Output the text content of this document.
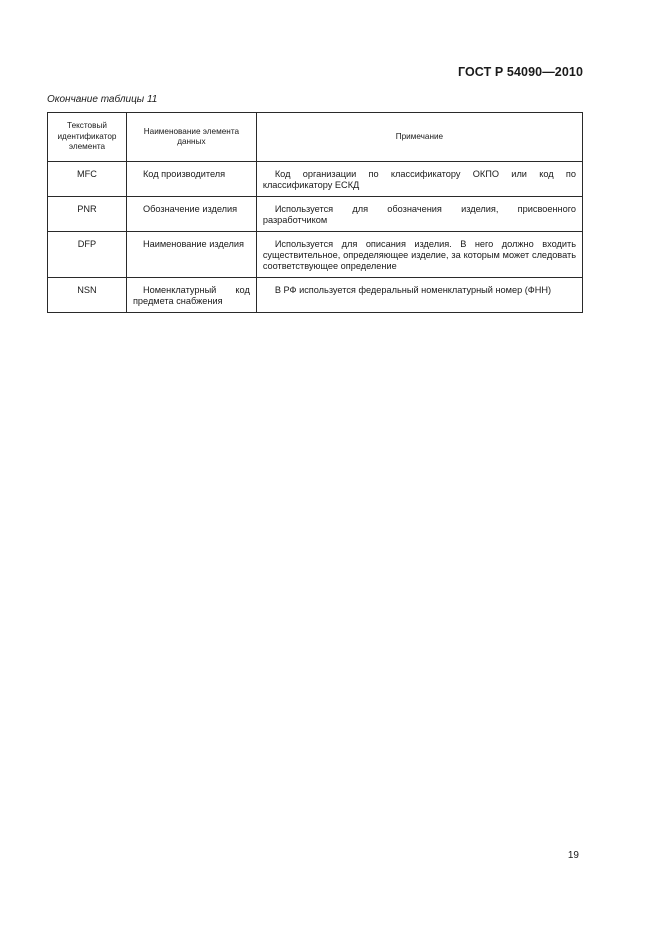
ГОСТ Р 54090—2010
Окончание таблицы 11
Текстовый идентификатор элемента	Наименование элемента данных	Примечание
MFC	Код производителя	Код организации по классификатору ОКПО или код по классификатору ЕСКД
PNR	Обозначение изделия	Используется для обозначения изделия, присвоенного разработчиком
DFP	Наименование изделия	Используется для описания изделия. В него должно входить существительное, определяющее изделие, за которым может следовать соответствующее определение
NSN	Номенклатурный код предмета снабжения	В РФ используется федеральный номенклатурный номер (ФНН)
19
